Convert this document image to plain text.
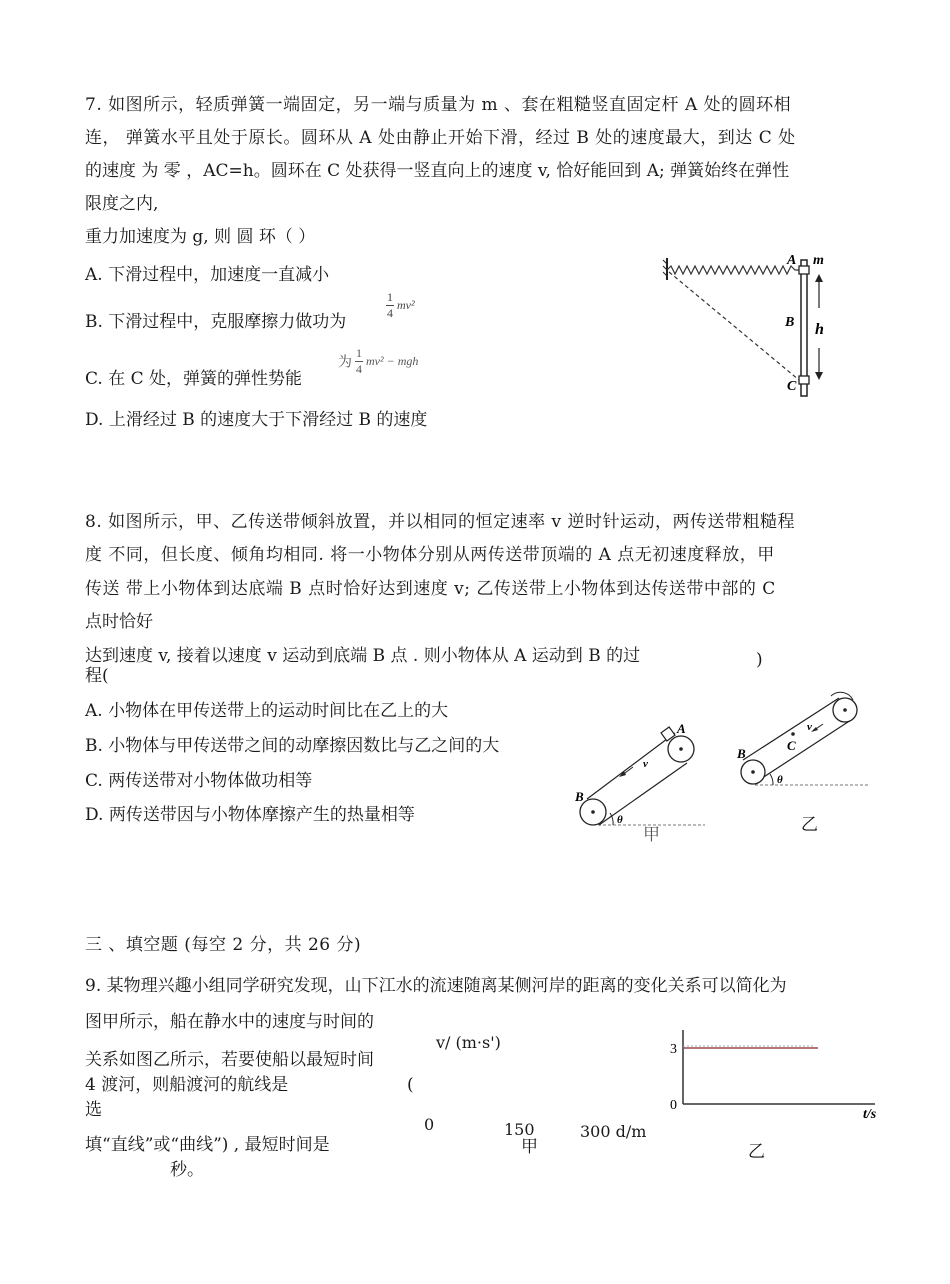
7. 如图所示，轻质弹簧一端固定，另一端与质量为 m 、套在粗糙竖直固定杆 A 处的圆环相
连， 弹簧水平且处于原长。圆环从 A 处由静止开始下滑，经过 B 处的速度最大，到达 C 处
的速度 为 零 ，AC=h。圆环在 C 处获得一竖直向上的速度 v, 恰好能回到 A; 弹簧始终在弹性
限度之内,
重力加速度为 g, 则 圆 环（ ）
A. 下滑过程中，加速度一直减小
B. 下滑过程中，克服摩擦力做功为
$\frac{1}{4} mv^2$
C. 在 C 处，弹簧的弹性势能
为 $\frac{1}{4} mv^2$ − mgh
D. 上滑经过 B 的速度大于下滑经过 B 的速度
A m
B h
C
8. 如图所示，甲、乙传送带倾斜放置，并以相同的恒定速率 v 逆时针运动，两传送带粗糙程
度 不同，但长度、倾角均相同. 将一小物体分别从两传送带顶端的 A 点无初速度释放，甲
传送 带上小物体到达底端 B 点时恰好达到速度 v; 乙传送带上小物体到达传送带中部的 C
点时恰好
达到速度 v, 接着以速度 v 运动到底端 B 点 . 则小物体从 A 运动到 B 的过
程(
)
A. 小物体在甲传送带上的运动时间比在乙上的大
B. 小物体与甲传送带之间的动摩擦因数比与乙之间的大
C. 两传送带对小物体做功相等
D. 两传送带因与小物体摩擦产生的热量相等
A
B
v
θ
甲
B
C
v
θ
乙
三 、填空题 (每空 2 分，共 26 分)
9. 某物理兴趣小组同学研究发现，山下江水的流速随离某侧河岸的距离的变化关系可以简化为
图甲所示，船在静水中的速度与时间的
关系如图乙所示，若要使船以最短时间
4 渡河，则船渡河的航线是	(
选
填“直线”或“曲线”) , 最短时间是
秒。
v/ (m·s')
0	150	300 d/m
甲
3
0
t/s
乙
